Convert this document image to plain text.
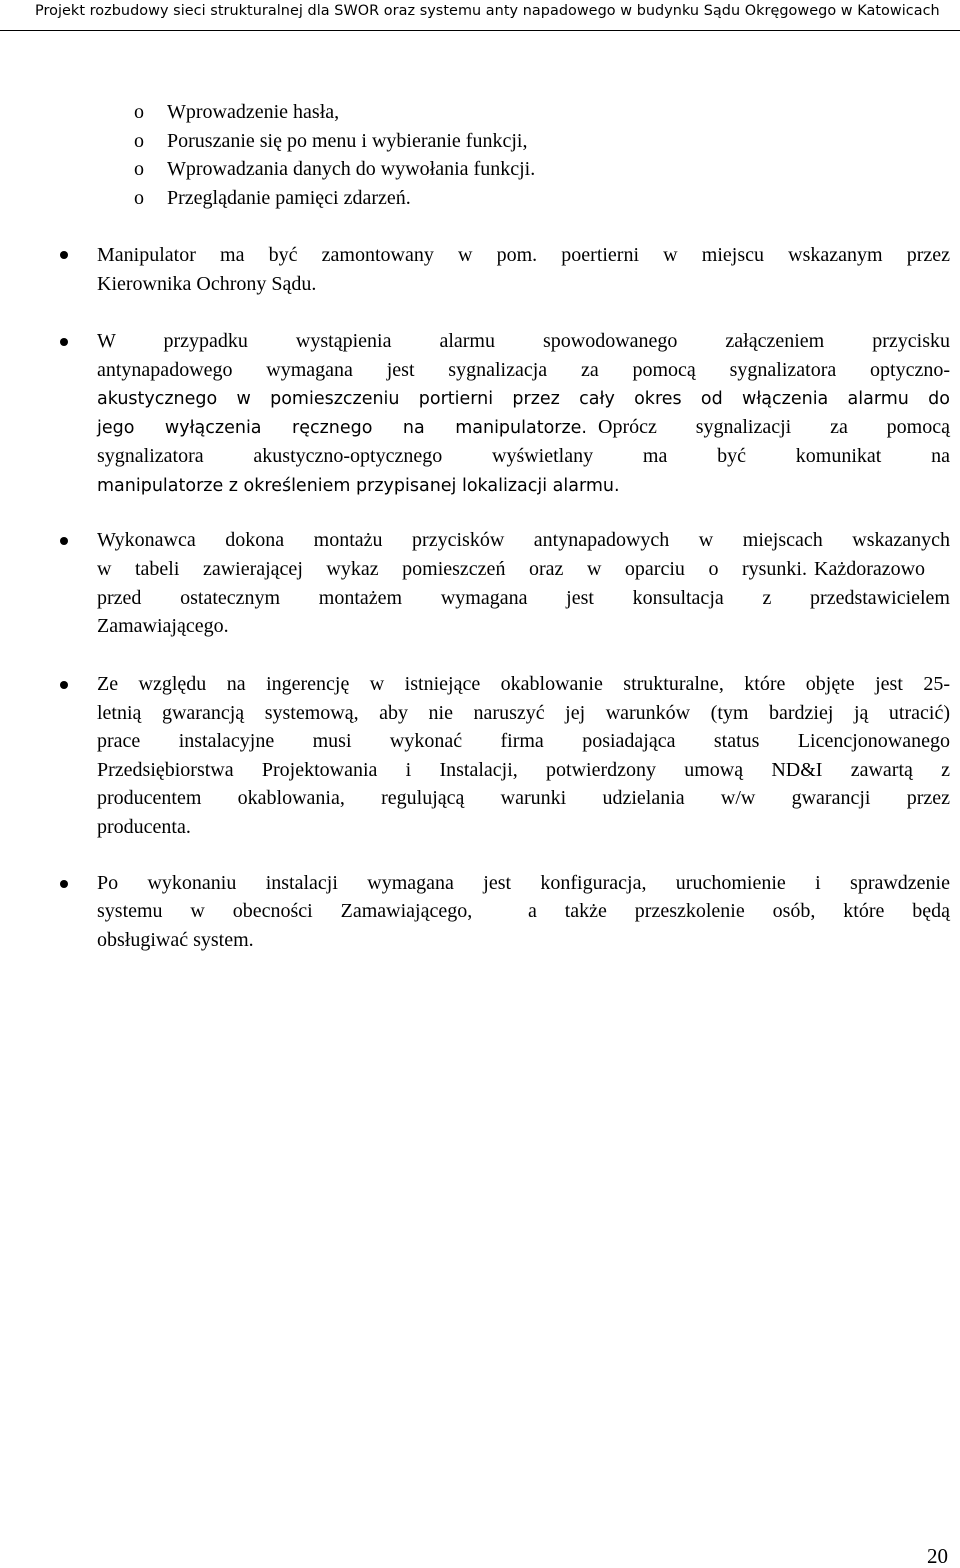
Projekt rozbudowy sieci strukturalnej dla SWOR oraz systemu anty napadowego w budynku Sądu Okręgowego w Katowicach
o Wprowadzenie hasła,
o Poruszanie się po menu i wybieranie funkcji,
o Wprowadzania danych do wywołania funkcji.
o Przeglądanie pamięci zdarzeń.
Manipulator ma być zamontowany w pom. poertierni w miejscu wskazanym przez
Kierownika Ochrony Sądu.
W przypadku wystąpienia alarmu spowodowanego załączeniem przycisku
antynapadowego wymagana jest sygnalizacja za pomocą sygnalizatora optyczno-
akustycznego w pomieszczeniu portierni przez cały okres od włączenia alarmu do
jego wyłączenia ręcznego na manipulatorze. Oprócz sygnalizacji za pomocą
sygnalizatora akustyczno-optycznego wyświetlany ma być komunikat na
manipulatorze z określeniem przypisanej lokalizacji alarmu.
Wykonawca dokona montażu przycisków antynapadowych w miejscach wskazanych
w tabeli zawierającej wykaz pomieszczeń oraz w oparciu o rysunki. Każdorazowo
przed ostatecznym montażem wymagana jest konsultacja z przedstawicielem
Zamawiającego.
Ze względu na ingerencję w istniejące okablowanie strukturalne, które objęte jest 25-
letnią gwarancją systemową, aby nie naruszyć jej warunków (tym bardziej ją utracić)
prace instalacyjne musi wykonać firma posiadająca status Licencjonowanego
Przedsiębiorstwa Projektowania i Instalacji, potwierdzony umową ND&I zawartą z
producentem okablowania, regulującą warunki udzielania w/w gwarancji przez
producenta.
Po wykonaniu instalacji wymagana jest konfiguracja, uruchomienie i sprawdzenie
systemu w obecności Zamawiającego,  a także przeszkolenie osób, które będą
obsługiwać system.
20
